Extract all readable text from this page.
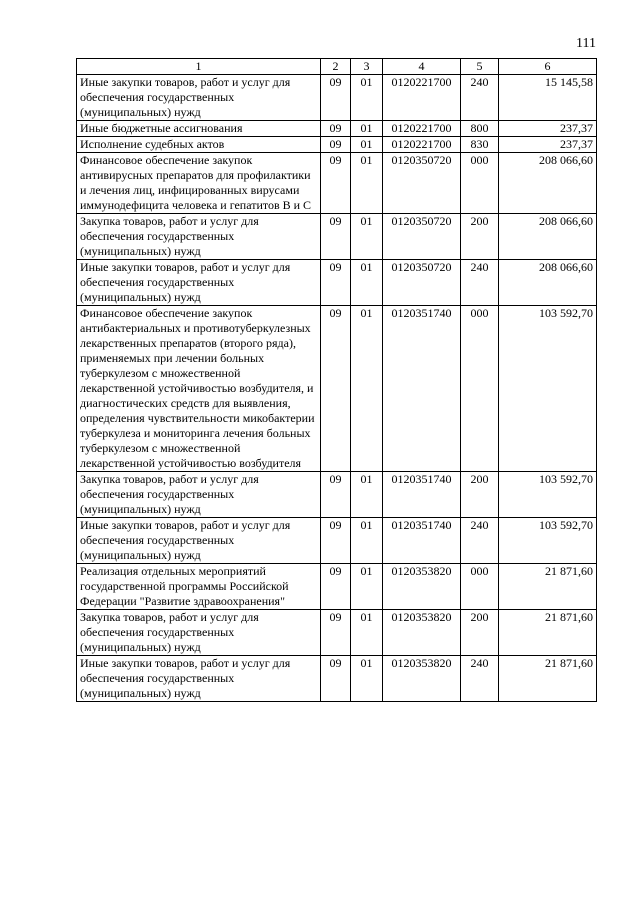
111
1	2	3	4	5	6
Иные закупки товаров, работ и услуг для обеспечения государственных (муниципальных) нужд	09	01	0120221700	240	15 145,58
Иные бюджетные ассигнования	09	01	0120221700	800	237,37
Исполнение судебных актов	09	01	0120221700	830	237,37
Финансовое обеспечение закупок антивирусных препаратов для профилактики и лечения лиц, инфицированных вирусами иммунодефицита человека и гепатитов В и С	09	01	0120350720	000	208 066,60
Закупка товаров, работ и услуг для обеспечения государственных (муниципальных) нужд	09	01	0120350720	200	208 066,60
Иные закупки товаров, работ и услуг для обеспечения государственных (муниципальных) нужд	09	01	0120350720	240	208 066,60
Финансовое обеспечение закупок антибактериальных и противотуберкулезных лекарственных препаратов (второго ряда), применяемых при лечении больных туберкулезом с множественной лекарственной устойчивостью возбудителя, и диагностических средств для выявления, определения чувствительности микобактерии туберкулеза и мониторинга лечения больных туберкулезом с множественной лекарственной устойчивостью возбудителя	09	01	0120351740	000	103 592,70
Закупка товаров, работ и услуг для обеспечения государственных (муниципальных) нужд	09	01	0120351740	200	103 592,70
Иные закупки товаров, работ и услуг для обеспечения государственных (муниципальных) нужд	09	01	0120351740	240	103 592,70
Реализация отдельных мероприятий государственной программы Российской Федерации "Развитие здравоохранения"	09	01	0120353820	000	21 871,60
Закупка товаров, работ и услуг для обеспечения государственных (муниципальных) нужд	09	01	0120353820	200	21 871,60
Иные закупки товаров, работ и услуг для обеспечения государственных (муниципальных) нужд	09	01	0120353820	240	21 871,60
